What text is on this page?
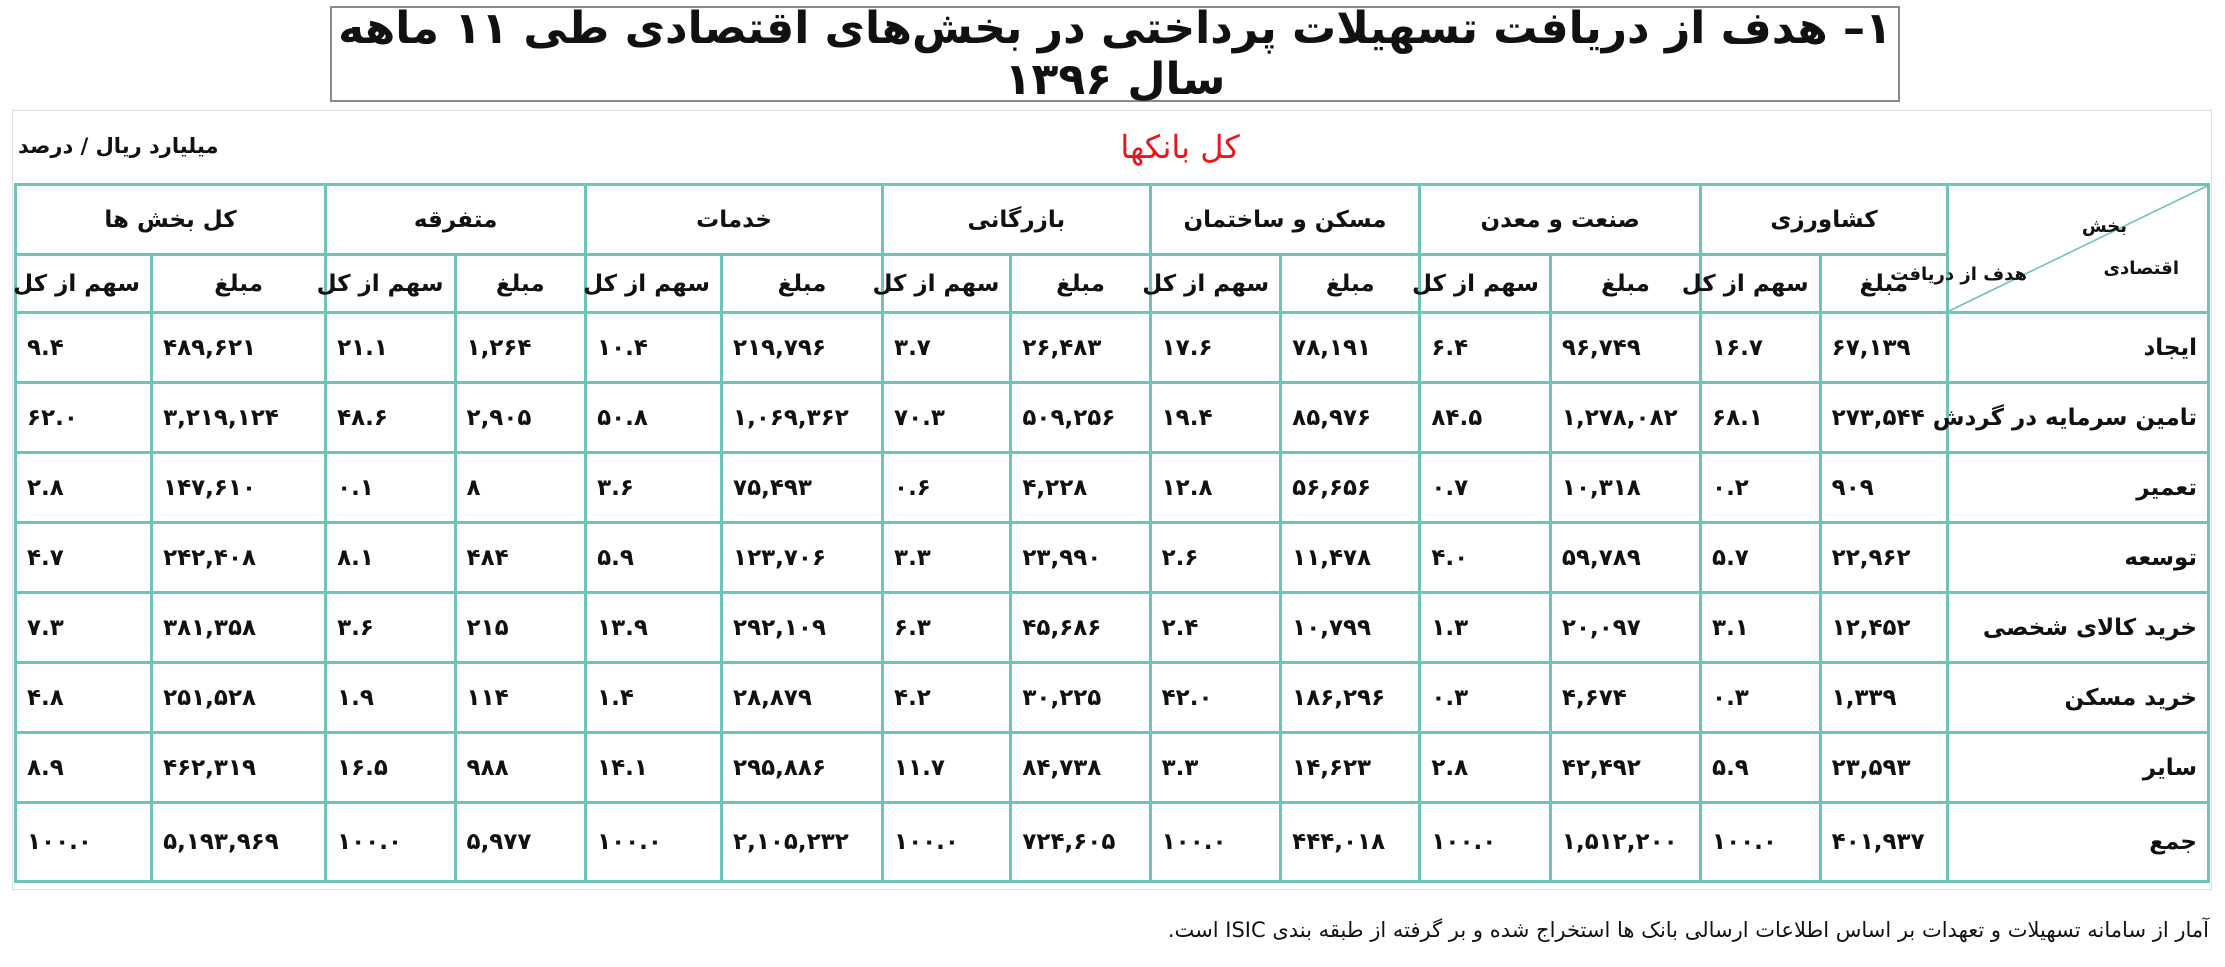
۱– هدف از دریافت تسهیلات پرداختی در بخش‌های اقتصادی طی ۱۱ ماهه سال ۱۳۹۶
میلیارد ریال / درصد	کل بانکها
بخش
اقتصادی
هدف از دریافت	کشاورزی		صنعت و معدن		مسکن و ساختمان		بازرگانی		خدمات		متفرقه		کل بخش ها	
	مبلغ	سهم از کل	مبلغ	سهم از کل	مبلغ	سهم از کل	مبلغ	سهم از کل	مبلغ	سهم از کل	مبلغ	سهم از کل	مبلغ	سهم از کل
ایجاد	۶۷,۱۳۹	۱۶.۷	۹۶,۷۴۹	۶.۴	۷۸,۱۹۱	۱۷.۶	۲۶,۴۸۳	۳.۷	۲۱۹,۷۹۶	۱۰.۴	۱,۲۶۴	۲۱.۱	۴۸۹,۶۲۱	۹.۴
تامین سرمایه در گردش	۲۷۳,۵۴۴	۶۸.۱	۱,۲۷۸,۰۸۲	۸۴.۵	۸۵,۹۷۶	۱۹.۴	۵۰۹,۲۵۶	۷۰.۳	۱,۰۶۹,۳۶۲	۵۰.۸	۲,۹۰۵	۴۸.۶	۳,۲۱۹,۱۲۴	۶۲.۰
تعمیر	۹۰۹	۰.۲	۱۰,۳۱۸	۰.۷	۵۶,۶۵۶	۱۲.۸	۴,۲۲۸	۰.۶	۷۵,۴۹۳	۳.۶	۸	۰.۱	۱۴۷,۶۱۰	۲.۸
توسعه	۲۲,۹۶۲	۵.۷	۵۹,۷۸۹	۴.۰	۱۱,۴۷۸	۲.۶	۲۳,۹۹۰	۳.۳	۱۲۳,۷۰۶	۵.۹	۴۸۴	۸.۱	۲۴۲,۴۰۸	۴.۷
خرید کالای شخصی	۱۲,۴۵۲	۳.۱	۲۰,۰۹۷	۱.۳	۱۰,۷۹۹	۲.۴	۴۵,۶۸۶	۶.۳	۲۹۲,۱۰۹	۱۳.۹	۲۱۵	۳.۶	۳۸۱,۳۵۸	۷.۳
خرید مسکن	۱,۳۳۹	۰.۳	۴,۶۷۴	۰.۳	۱۸۶,۲۹۶	۴۲.۰	۳۰,۲۲۵	۴.۲	۲۸,۸۷۹	۱.۴	۱۱۴	۱.۹	۲۵۱,۵۲۸	۴.۸
سایر	۲۳,۵۹۳	۵.۹	۴۲,۴۹۲	۲.۸	۱۴,۶۲۳	۳.۳	۸۴,۷۳۸	۱۱.۷	۲۹۵,۸۸۶	۱۴.۱	۹۸۸	۱۶.۵	۴۶۲,۳۱۹	۸.۹
جمع	۴۰۱,۹۳۷	۱۰۰.۰	۱,۵۱۲,۲۰۰	۱۰۰.۰	۴۴۴,۰۱۸	۱۰۰.۰	۷۲۴,۶۰۵	۱۰۰.۰	۲,۱۰۵,۲۳۲	۱۰۰.۰	۵,۹۷۷	۱۰۰.۰	۵,۱۹۳,۹۶۹	۱۰۰.۰
آمار از سامانه تسهیلات و تعهدات بر اساس اطلاعات ارسالی بانک ها استخراج شده و بر گرفته از طبقه بندی ISIC است.
